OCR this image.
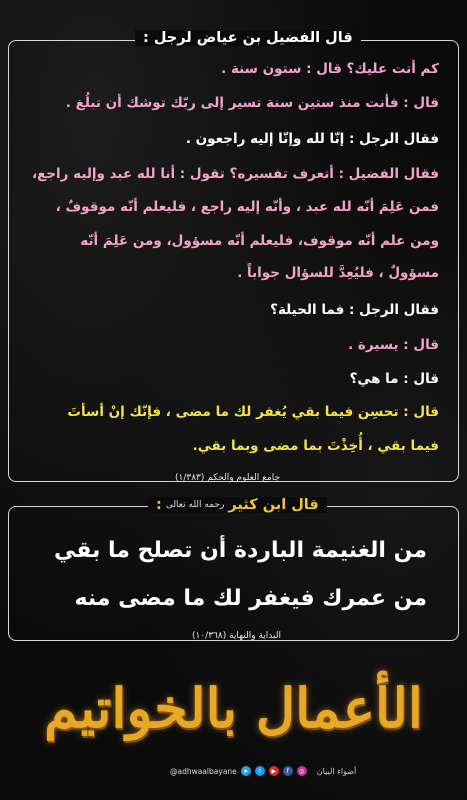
قال الفضيل بن عياض لرجل :
كم أتت عليك؟ قال : ستون سنة .
قال : فأنت منذ ستين سنة تسير إلى ربّك توشك أن تبلُغ .
فقال الرجل : إنّا لله وإنّا إليه راجعون .
فقال الفضيل : أتعرف تفسيره؟ تقول : أنا لله عبد وإليه راجع،
فمن عَلِمَ أنّه لله عبد ، وأنّه إليه راجع ، فليعلم أنّه موقوفٌ ،
ومن علم أنّه موقوف، فليعلم أنّه مسؤول، ومن عَلِمَ أنّه
مسؤولٌ ، فليُعِدَّ للسؤال جواباً .
فقال الرجل : فما الحيلة؟
قال : يسيرة .
قال : ما هي؟
قال : تحسِن فيما بقي يُغفر لك ما مضى ، فإنّك إنْ أسأتَ
فيما بقي ، أُخِذْتَ بما مضى وبما بقي.
جامع العلوم والحكم (١/٣٨٣)
قال ابن كثير
رحمه الله تعالى
:
من الغنيمة الباردة أن تصلح ما بقي
من عمرك فيغفر لك ما مضى منه
البداية والنهاية (١٠/٣٦٨)
الأعمال بالخواتيم
@adhwaalbayane	➤	t	▶	f	◎ أضواء البيان
